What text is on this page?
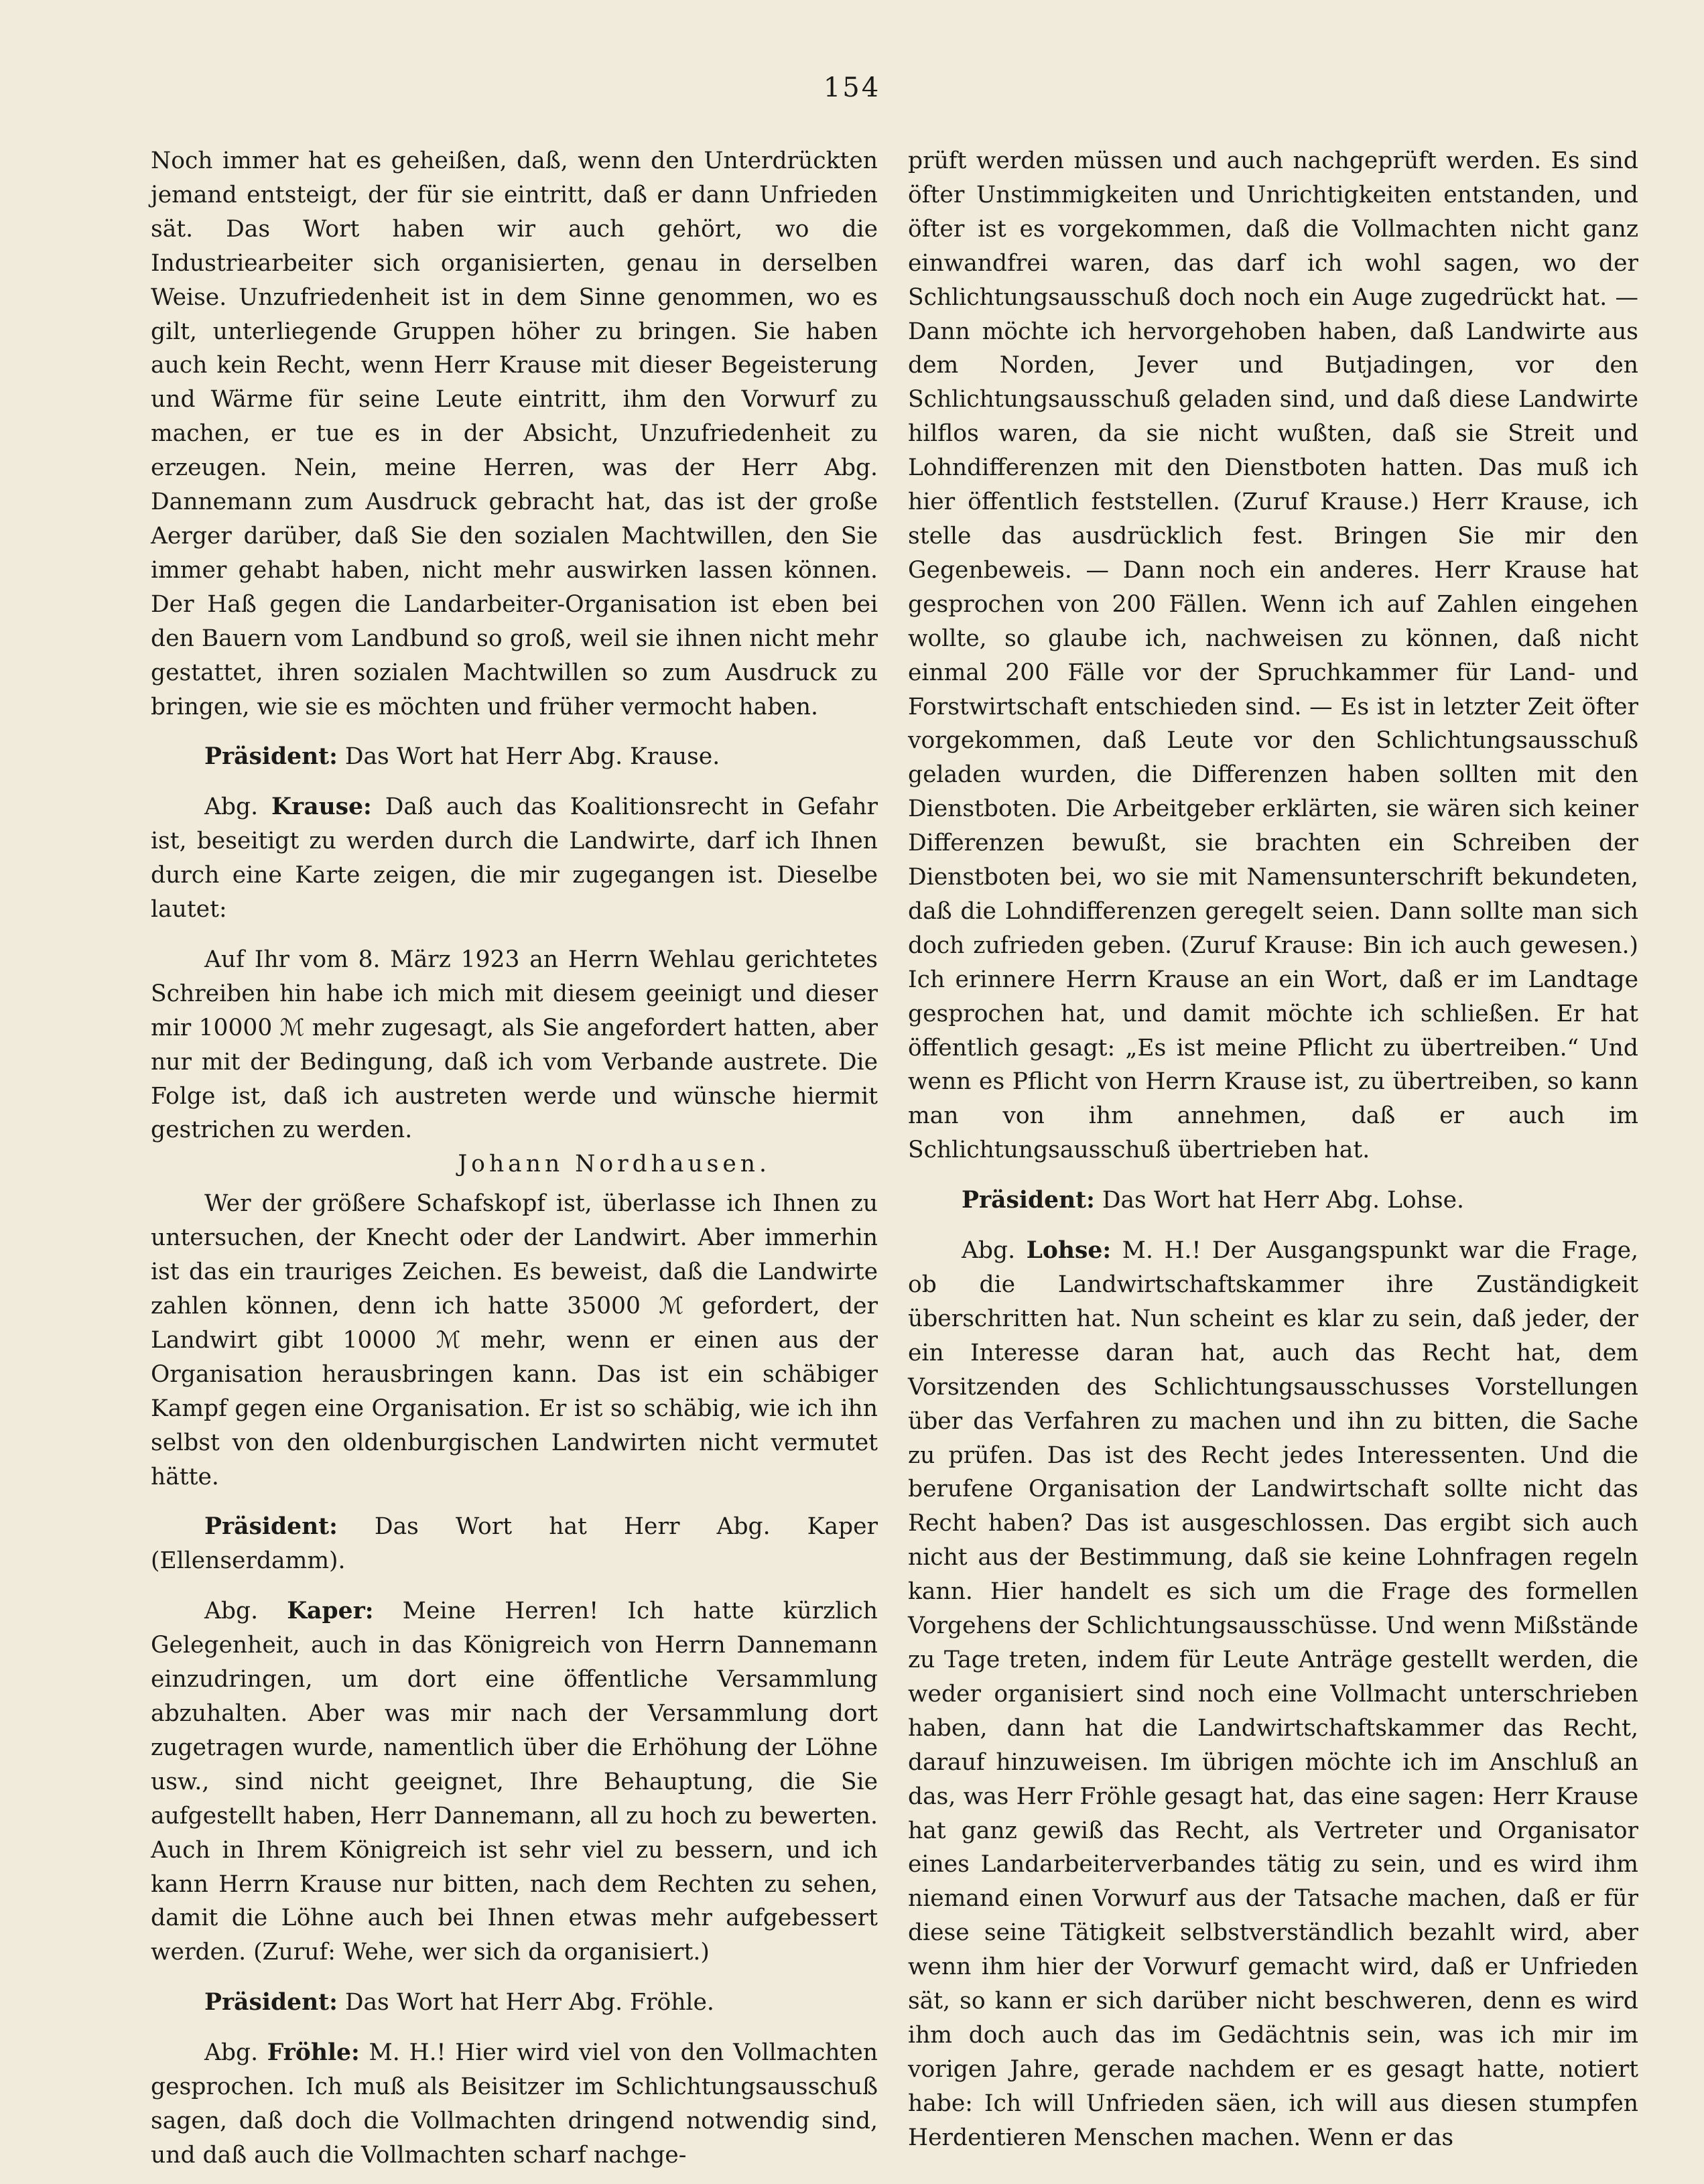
154

Noch immer hat es geheißen, daß, wenn den Unterdrückten jemand entsteigt, der für sie eintritt, daß er dann Unfrieden sät. Das Wort haben wir auch gehört, wo die Industriearbeiter sich organisierten, genau in derselben Weise. Unzufriedenheit ist in dem Sinne genommen, wo es gilt, unterliegende Gruppen höher zu bringen. Sie haben auch kein Recht, wenn Herr Krause mit dieser Begeisterung und Wärme für seine Leute eintritt, ihm den Vorwurf zu machen, er tue es in der Absicht, Unzufriedenheit zu erzeugen. Nein, meine Herren, was der Herr Abg. Dannemann zum Ausdruck gebracht hat, das ist der große Aerger darüber, daß Sie den sozialen Machtwillen, den Sie immer gehabt haben, nicht mehr auswirken lassen können. Der Haß gegen die Landarbeiter-Organisation ist eben bei den Bauern vom Landbund so groß, weil sie ihnen nicht mehr gestattet, ihren sozialen Machtwillen so zum Ausdruck zu bringen, wie sie es möchten und früher vermocht haben.

Präsident: Das Wort hat Herr Abg. Krause.

Abg. Krause: Daß auch das Koalitionsrecht in Gefahr ist, beseitigt zu werden durch die Landwirte, darf ich Ihnen durch eine Karte zeigen, die mir zugegangen ist. Dieselbe lautet:

Auf Ihr vom 8. März 1923 an Herrn Wehlau gerichtetes Schreiben hin habe ich mich mit diesem geeinigt und dieser mir 10000 ℳ mehr zugesagt, als Sie angefordert hatten, aber nur mit der Bedingung, daß ich vom Verbande austrete. Die Folge ist, daß ich austreten werde und wünsche hiermit gestrichen zu werden.

Johann Nordhausen.

Wer der größere Schafskopf ist, überlasse ich Ihnen zu untersuchen, der Knecht oder der Landwirt. Aber immerhin ist das ein trauriges Zeichen. Es beweist, daß die Landwirte zahlen können, denn ich hatte 35000 ℳ gefordert, der Landwirt gibt 10000 ℳ mehr, wenn er einen aus der Organisation herausbringen kann. Das ist ein schäbiger Kampf gegen eine Organisation. Er ist so schäbig, wie ich ihn selbst von den oldenburgischen Landwirten nicht vermutet hätte.

Präsident: Das Wort hat Herr Abg. Kaper (Ellenserdamm).

Abg. Kaper: Meine Herren! Ich hatte kürzlich Gelegenheit, auch in das Königreich von Herrn Dannemann einzudringen, um dort eine öffentliche Versammlung abzuhalten. Aber was mir nach der Versammlung dort zugetragen wurde, namentlich über die Erhöhung der Löhne usw., sind nicht geeignet, Ihre Behauptung, die Sie aufgestellt haben, Herr Dannemann, all zu hoch zu bewerten. Auch in Ihrem Königreich ist sehr viel zu bessern, und ich kann Herrn Krause nur bitten, nach dem Rechten zu sehen, damit die Löhne auch bei Ihnen etwas mehr aufgebessert werden. (Zuruf: Wehe, wer sich da organisiert.)

Präsident: Das Wort hat Herr Abg. Fröhle.

Abg. Fröhle: M. H.! Hier wird viel von den Vollmachten gesprochen. Ich muß als Beisitzer im Schlichtungsausschuß sagen, daß doch die Vollmachten dringend notwendig sind, und daß auch die Vollmachten scharf nachge-

prüft werden müssen und auch nachgeprüft werden. Es sind öfter Unstimmigkeiten und Unrichtigkeiten entstanden, und öfter ist es vorgekommen, daß die Vollmachten nicht ganz einwandfrei waren, das darf ich wohl sagen, wo der Schlichtungsausschuß doch noch ein Auge zugedrückt hat. — Dann möchte ich hervorgehoben haben, daß Landwirte aus dem Norden, Jever und Butjadingen, vor den Schlichtungsausschuß geladen sind, und daß diese Landwirte hilflos waren, da sie nicht wußten, daß sie Streit und Lohndifferenzen mit den Dienstboten hatten. Das muß ich hier öffentlich feststellen. (Zuruf Krause.) Herr Krause, ich stelle das ausdrücklich fest. Bringen Sie mir den Gegenbeweis. — Dann noch ein anderes. Herr Krause hat gesprochen von 200 Fällen. Wenn ich auf Zahlen eingehen wollte, so glaube ich, nachweisen zu können, daß nicht einmal 200 Fälle vor der Spruchkammer für Land- und Forstwirtschaft entschieden sind. — Es ist in letzter Zeit öfter vorgekommen, daß Leute vor den Schlichtungsausschuß geladen wurden, die Differenzen haben sollten mit den Dienstboten. Die Arbeitgeber erklärten, sie wären sich keiner Differenzen bewußt, sie brachten ein Schreiben der Dienstboten bei, wo sie mit Namensunterschrift bekundeten, daß die Lohndifferenzen geregelt seien. Dann sollte man sich doch zufrieden geben. (Zuruf Krause: Bin ich auch gewesen.) Ich erinnere Herrn Krause an ein Wort, daß er im Landtage gesprochen hat, und damit möchte ich schließen. Er hat öffentlich gesagt: „Es ist meine Pflicht zu übertreiben.“ Und wenn es Pflicht von Herrn Krause ist, zu übertreiben, so kann man von ihm annehmen, daß er auch im Schlichtungsausschuß übertrieben hat.

Präsident: Das Wort hat Herr Abg. Lohse.

Abg. Lohse: M. H.! Der Ausgangspunkt war die Frage, ob die Landwirtschaftskammer ihre Zuständigkeit überschritten hat. Nun scheint es klar zu sein, daß jeder, der ein Interesse daran hat, auch das Recht hat, dem Vorsitzenden des Schlichtungsausschusses Vorstellungen über das Verfahren zu machen und ihn zu bitten, die Sache zu prüfen. Das ist des Recht jedes Interessenten. Und die berufene Organisation der Landwirtschaft sollte nicht das Recht haben? Das ist ausgeschlossen. Das ergibt sich auch nicht aus der Bestimmung, daß sie keine Lohnfragen regeln kann. Hier handelt es sich um die Frage des formellen Vorgehens der Schlichtungsausschüsse. Und wenn Mißstände zu Tage treten, indem für Leute Anträge gestellt werden, die weder organisiert sind noch eine Vollmacht unterschrieben haben, dann hat die Landwirtschaftskammer das Recht, darauf hinzuweisen. Im übrigen möchte ich im Anschluß an das, was Herr Fröhle gesagt hat, das eine sagen: Herr Krause hat ganz gewiß das Recht, als Vertreter und Organisator eines Landarbeiterverbandes tätig zu sein, und es wird ihm niemand einen Vorwurf aus der Tatsache machen, daß er für diese seine Tätigkeit selbstverständlich bezahlt wird, aber wenn ihm hier der Vorwurf gemacht wird, daß er Unfrieden sät, so kann er sich darüber nicht beschweren, denn es wird ihm doch auch das im Gedächtnis sein, was ich mir im vorigen Jahre, gerade nachdem er es gesagt hatte, notiert habe: Ich will Unfrieden säen, ich will aus diesen stumpfen Herdentieren Menschen machen. Wenn er das
